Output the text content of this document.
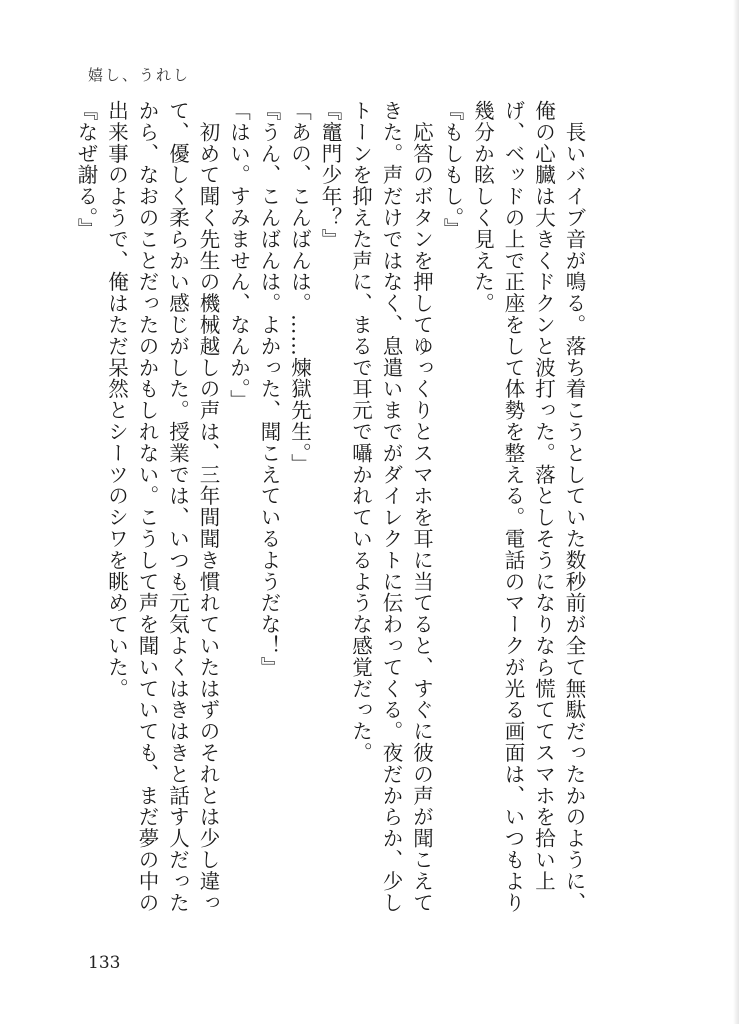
嬉し、うれし

　長いバイブ音が鳴る。落ち着こうとしていた数秒前が全て無駄だったかのように、俺の心臓は大きくドクンと波打った。落としそうになりなら慌ててスマホを拾い上げ、ベッドの上で正座をして体勢を整える。電話のマークが光る画面は、いつもより幾分か眩しく見えた。

『もしもし。』

　応答のボタンを押してゆっくりとスマホを耳に当てると、すぐに彼の声が聞こえてきた。声だけではなく、息遣いまでがダイレクトに伝わってくる。夜だからか、少しトーンを抑えた声に、まるで耳元で囁かれているような感覚だった。

『竈門少年？』

「あの、こんばんは。……煉獄先生。」

『うん、こんばんは。よかった、聞こえているようだな！』

「はい。すみません、なんか。」

　初めて聞く先生の機械越しの声は、三年間聞き慣れていたはずのそれとは少し違って、優しく柔らかい感じがした。授業では、いつも元気よくはきはきと話す人だったから、なおのことだったのかもしれない。こうして声を聞いていても、まだ夢の中の出来事のようで、俺はただ呆然とシーツのシワを眺めていた。

『なぜ謝る。』

133
